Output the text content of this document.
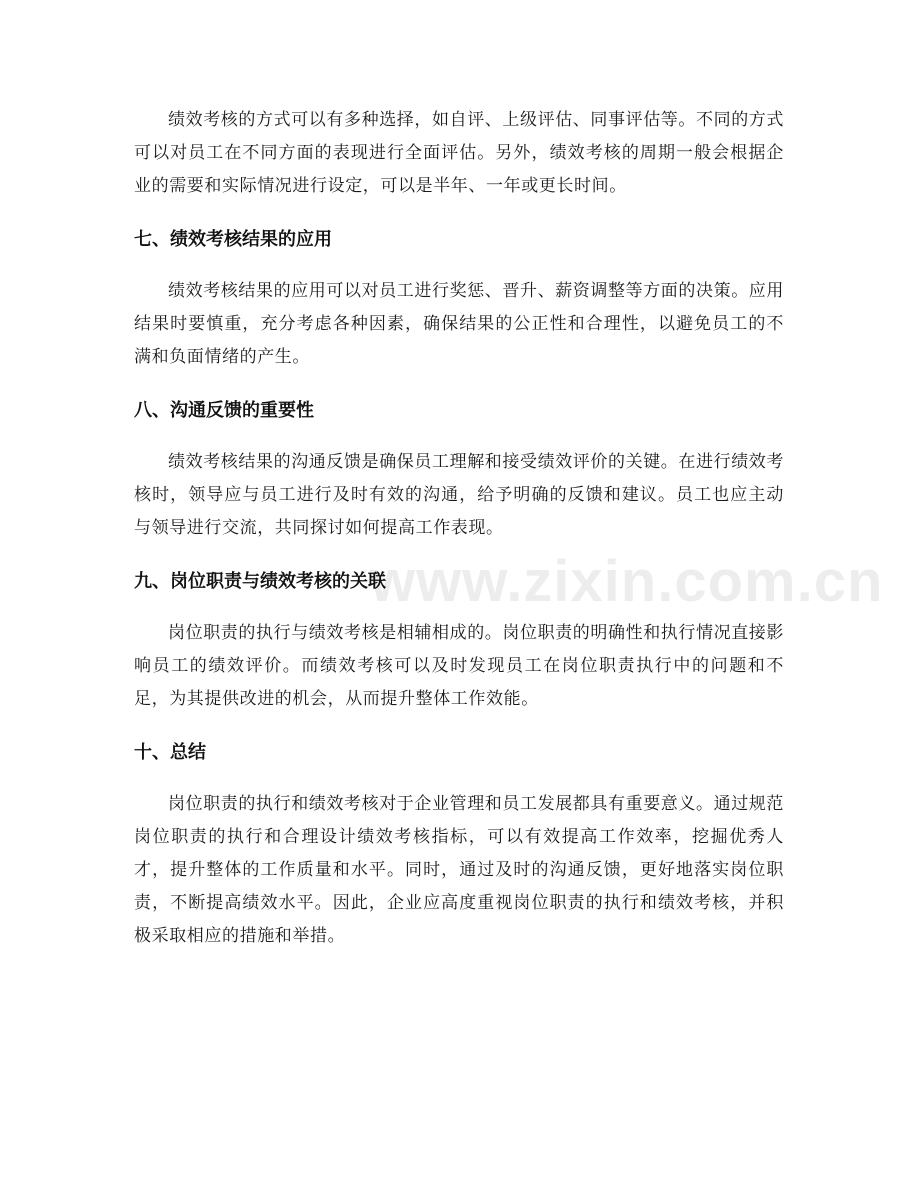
绩效考核的方式可以有多种选择，如自评、上级评估、同事评估等。不同的方式可以对员工在不同方面的表现进行全面评估。另外，绩效考核的周期一般会根据企业的需要和实际情况进行设定，可以是半年、一年或更长时间。

七、绩效考核结果的应用

绩效考核结果的应用可以对员工进行奖惩、晋升、薪资调整等方面的决策。应用结果时要慎重，充分考虑各种因素，确保结果的公正性和合理性，以避免员工的不满和负面情绪的产生。

八、沟通反馈的重要性

绩效考核结果的沟通反馈是确保员工理解和接受绩效评价的关键。在进行绩效考核时，领导应与员工进行及时有效的沟通，给予明确的反馈和建议。员工也应主动与领导进行交流，共同探讨如何提高工作表现。

九、岗位职责与绩效考核的关联

岗位职责的执行与绩效考核是相辅相成的。岗位职责的明确性和执行情况直接影响员工的绩效评价。而绩效考核可以及时发现员工在岗位职责执行中的问题和不足，为其提供改进的机会，从而提升整体工作效能。

十、总结

岗位职责的执行和绩效考核对于企业管理和员工发展都具有重要意义。通过规范岗位职责的执行和合理设计绩效考核指标，可以有效提高工作效率，挖掘优秀人才，提升整体的工作质量和水平。同时，通过及时的沟通反馈，更好地落实岗位职责，不断提高绩效水平。因此，企业应高度重视岗位职责的执行和绩效考核，并积极采取相应的措施和举措。

www.zixin.com.cn
